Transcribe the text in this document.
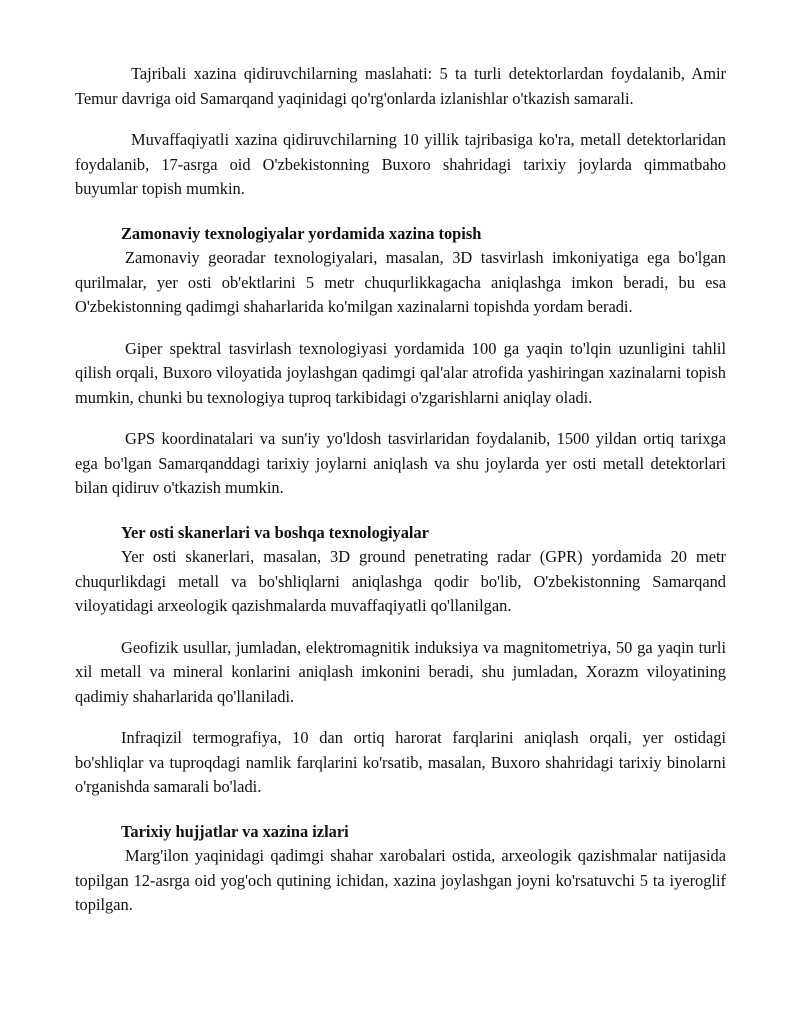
Tajribali xazina qidiruvchilarning maslahati: 5 ta turli detektorlardan foydalanib, Amir Temur davriga oid Samarqand yaqinidagi qo'rg'onlarda izlanishlar o'tkazish samarali.

Muvaffaqiyatli xazina qidiruvchilarning 10 yillik tajribasiga ko'ra, metall detektorlaridan foydalanib, 17-asrga oid O'zbekistonning Buxoro shahridagi tarixiy joylarda qimmatbaho buyumlar topish mumkin.

Zamonaviy texnologiyalar yordamida xazina topish

Zamonaviy georadar texnologiyalari, masalan, 3D tasvirlash imkoniyatiga ega bo'lgan qurilmalar, yer osti ob'ektlarini 5 metr chuqurlikkagacha aniqlashga imkon beradi, bu esa O'zbekistonning qadimgi shaharlarida ko'milgan xazinalarni topishda yordam beradi.

Giper spektral tasvirlash texnologiyasi yordamida 100 ga yaqin to'lqin uzunligini tahlil qilish orqali, Buxoro viloyatida joylashgan qadimgi qal'alar atrofida yashiringan xazinalarni topish mumkin, chunki bu texnologiya tuproq tarkibidagi o'zgarishlarni aniqlay oladi.

GPS koordinatalari va sun'iy yo'ldosh tasvirlaridan foydalanib, 1500 yildan ortiq tarixga ega bo'lgan Samarqanddagi tarixiy joylarni aniqlash va shu joylarda yer osti metall detektorlari bilan qidiruv o'tkazish mumkin.

Yer osti skanerlari va boshqa texnologiyalar

Yer osti skanerlari, masalan, 3D ground penetrating radar (GPR) yordamida 20 metr chuqurlikdagi metall va bo'shliqlarni aniqlashga qodir bo'lib, O'zbekistonning Samarqand viloyatidagi arxeologik qazishmalarda muvaffaqiyatli qo'llanilgan.

Geofizik usullar, jumladan, elektromagnitik induksiya va magnitometriya, 50 ga yaqin turli xil metall va mineral konlarini aniqlash imkonini beradi, shu jumladan, Xorazm viloyatining qadimiy shaharlarida qo'llaniladi.

Infraqizil termografiya, 10 dan ortiq harorat farqlarini aniqlash orqali, yer ostidagi bo'shliqlar va tuproqdagi namlik farqlarini ko'rsatib, masalan, Buxoro shahridagi tarixiy binolarni o'rganishda samarali bo'ladi.

Tarixiy hujjatlar va xazina izlari

Marg'ilon yaqinidagi qadimgi shahar xarobalari ostida, arxeologik qazishmalar natijasida topilgan 12-asrga oid yog'och qutining ichidan, xazina joylashgan joyni ko'rsatuvchi 5 ta iyeroglif topilgan.
